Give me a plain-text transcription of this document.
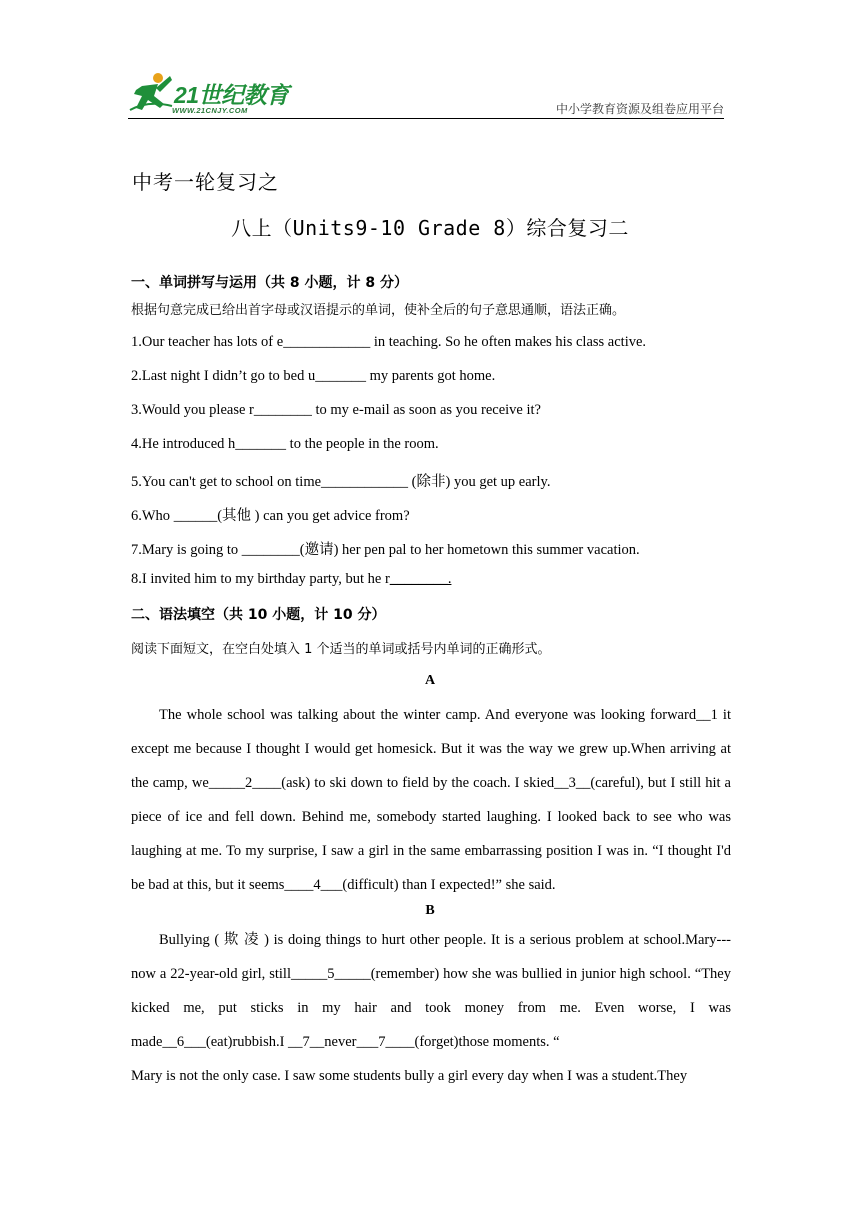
21世纪教育
WWW.21CNJY.COM	中小学教育资源及组卷应用平台
中考一轮复习之
八上（Units9-10 Grade 8）综合复习二
一、单词拼写与运用（共 8 小题，计 8 分）
根据句意完成已给出首字母或汉语提示的单词，使补全后的句子意思通顺，语法正确。
1.Our teacher has lots of e____________ in teaching. So he often makes his class active.
2.Last night I didn’t go to bed u_______ my parents got home.
3.Would you please r________ to my e-mail as soon as you receive it?
4.He introduced h_______ to the people in the room.
5.You can't get to school on time____________ (除非) you get up early.
6.Who ______(其他 ) can you get advice from?
7.Mary is going to ________(邀请) her pen pal to her hometown this summer vacation.
8.I invited him to my birthday party, but he r________.
二、语法填空（共 10 小题，计 10 分）
阅读下面短文，在空白处填入 1 个适当的单词或括号内单词的正确形式。
A
The whole school was talking about the winter camp. And everyone was looking forward__1 it except me because I thought I would get homesick. But it was the way we grew up.When arriving at the camp, we_____2____(ask) to ski down to field by the coach. I skied__3__(careful), but I still hit a piece of ice and fell down. Behind me, somebody started laughing. I looked back to see who was laughing at me. To my surprise, I saw a girl in the same embarrassing position I was in. “I thought I'd be bad at this, but it seems____4___(difficult) than I expected!” she said.
B
Bullying ( 欺 凌 ) is doing things to hurt other people. It is a serious problem at school.Mary---now a 22-year-old girl, still_____5_____(remember) how she was bullied in junior high school. “They kicked me, put sticks in my hair and took money from me. Even worse, I was made__6___(eat)rubbish.I __7__never___7____(forget)those moments. “
Mary is not the only case. I saw some students bully a girl every day when I was a student.They
